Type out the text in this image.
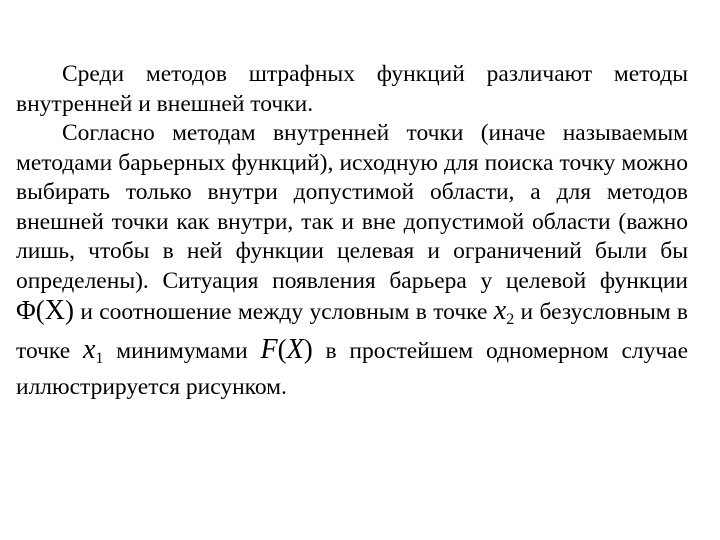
Среди методов штрафных функций различают методы внутренней и внешней точки.

Согласно методам внутренней точки (иначе называемым методами барьерных функций), исходную для поиска точку можно выбирать только внутри допустимой области, а для методов внешней точки как внутри, так и вне допустимой области (важно лишь, чтобы в ней функции целевая и ограничений были бы определены). Ситуация появления барьера у целевой функции Φ(X) и соотношение между условным в точке $x_2$ и безусловным в точке $x_1$ минимумами F(X) в простейшем одномерном случае иллюстрируется рисунком.
